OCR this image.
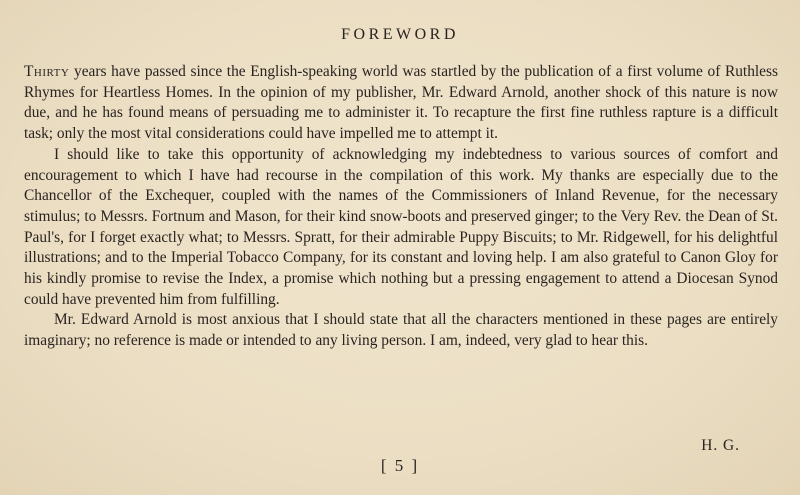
FOREWORD

Thirty years have passed since the English-speaking world was startled by the publication of a first volume of Ruthless Rhymes for Heartless Homes. In the opinion of my publisher, Mr. Edward Arnold, another shock of this nature is now due, and he has found means of persuading me to administer it. To recapture the first fine ruthless rapture is a difficult task; only the most vital considerations could have impelled me to attempt it.

I should like to take this opportunity of acknowledging my indebtedness to various sources of comfort and encouragement to which I have had recourse in the compilation of this work. My thanks are especially due to the Chancellor of the Exchequer, coupled with the names of the Commissioners of Inland Revenue, for the necessary stimulus; to Messrs. Fortnum and Mason, for their kind snow-boots and preserved ginger; to the Very Rev. the Dean of St. Paul's, for I forget exactly what; to Messrs. Spratt, for their admirable Puppy Biscuits; to Mr. Ridgewell, for his delightful illustrations; and to the Imperial Tobacco Company, for its constant and loving help. I am also grateful to Canon Gloy for his kindly promise to revise the Index, a promise which nothing but a pressing engagement to attend a Diocesan Synod could have prevented him from fulfilling.

Mr. Edward Arnold is most anxious that I should state that all the characters mentioned in these pages are entirely imaginary; no reference is made or intended to any living person. I am, indeed, very glad to hear this.

H. G.
[ 5 ]
